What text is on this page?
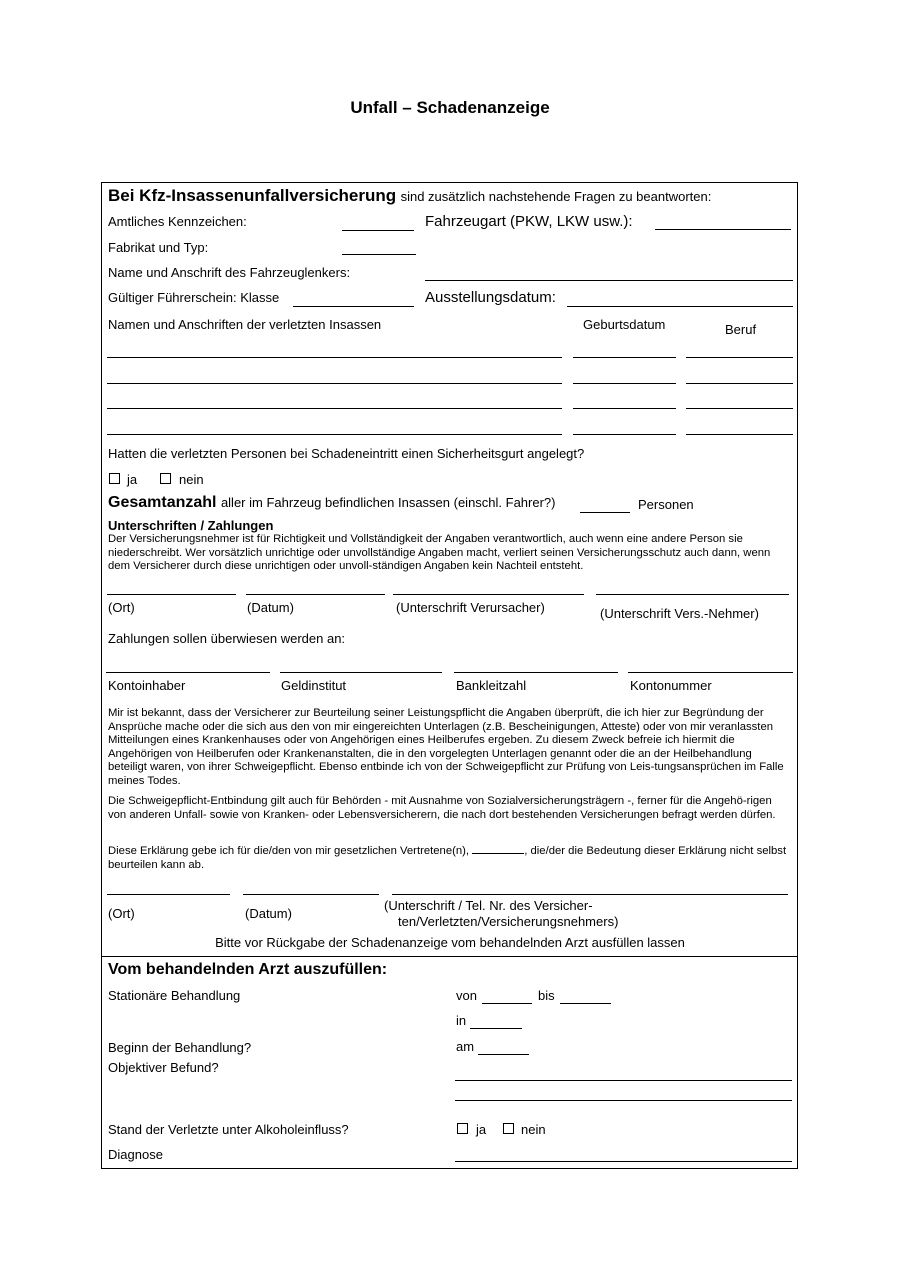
Unfall – Schadenanzeige
Bei Kfz-Insassenunfallversicherung sind zusätzlich nachstehende Fragen zu beantworten:
Amtliches Kennzeichen:	Fahrzeugart (PKW, LKW usw.):
Fabrikat und Typ:
Name und Anschrift des Fahrzeuglenkers:
Gültiger Führerschein: Klasse	Ausstellungsdatum:
Namen und Anschriften der verletzten Insassen	Geburtsdatum	Beruf
Hatten die verletzten Personen bei Schadeneintritt einen Sicherheitsgurt angelegt?
ja	nein
Gesamtanzahl aller im Fahrzeug befindlichen Insassen (einschl. Fahrer?)	Personen
Unterschriften / Zahlungen
Der Versicherungsnehmer ist für Richtigkeit und Vollständigkeit der Angaben verantwortlich, auch wenn eine andere Person sie niederschreibt. Wer vorsätzlich unrichtige oder unvollständige Angaben macht, verliert seinen Versicherungsschutz auch dann, wenn dem Versicherer durch diese unrichtigen oder unvoll-ständigen Angaben kein Nachteil entsteht.
(Ort)	(Datum)	(Unterschrift Verursacher)	(Unterschrift Vers.-Nehmer)
Zahlungen sollen überwiesen werden an:
Kontoinhaber	Geldinstitut	Bankleitzahl	Kontonummer
Mir ist bekannt, dass der Versicherer zur Beurteilung seiner Leistungspflicht die Angaben überprüft, die ich hier zur Begründung der Ansprüche mache oder die sich aus den von mir eingereichten Unterlagen (z.B. Bescheinigungen, Atteste) oder von mir veranlassten Mitteilungen eines Krankenhauses oder von Angehörigen eines Heilberufes ergeben. Zu diesem Zweck befreie ich hiermit die Angehörigen von Heilberufen oder Krankenanstalten, die in den vorgelegten Unterlagen genannt oder die an der Heilbehandlung beteiligt waren, von ihrer Schweigepflicht. Ebenso entbinde ich von der Schweigepflicht zur Prüfung von Leis-tungsansprüchen im Falle meines Todes.
Die Schweigepflicht-Entbindung gilt auch für Behörden - mit Ausnahme von Sozialversicherungsträgern -, ferner für die Angehö-rigen von anderen Unfall- sowie von Kranken- oder Lebensversicherern, die nach dort bestehenden Versicherungen befragt werden dürfen.
Diese Erklärung gebe ich für die/den von mir gesetzlichen Vertretene(n),	, die/der die Bedeutung dieser Erklärung nicht selbst beurteilen kann ab.
(Ort)	(Datum)
(Unterschrift / Tel. Nr. des Versicher-
ten/Verletzten/Versicherungsnehmers)
Bitte vor Rückgabe der Schadenanzeige vom behandelnden Arzt ausfüllen lassen
Vom behandelnden Arzt auszufüllen:
Stationäre Behandlung	von	bis
in
Beginn der Behandlung?	am
Objektiver Befund?
Stand der Verletzte unter Alkoholeinfluss?	ja	nein
Diagnose
